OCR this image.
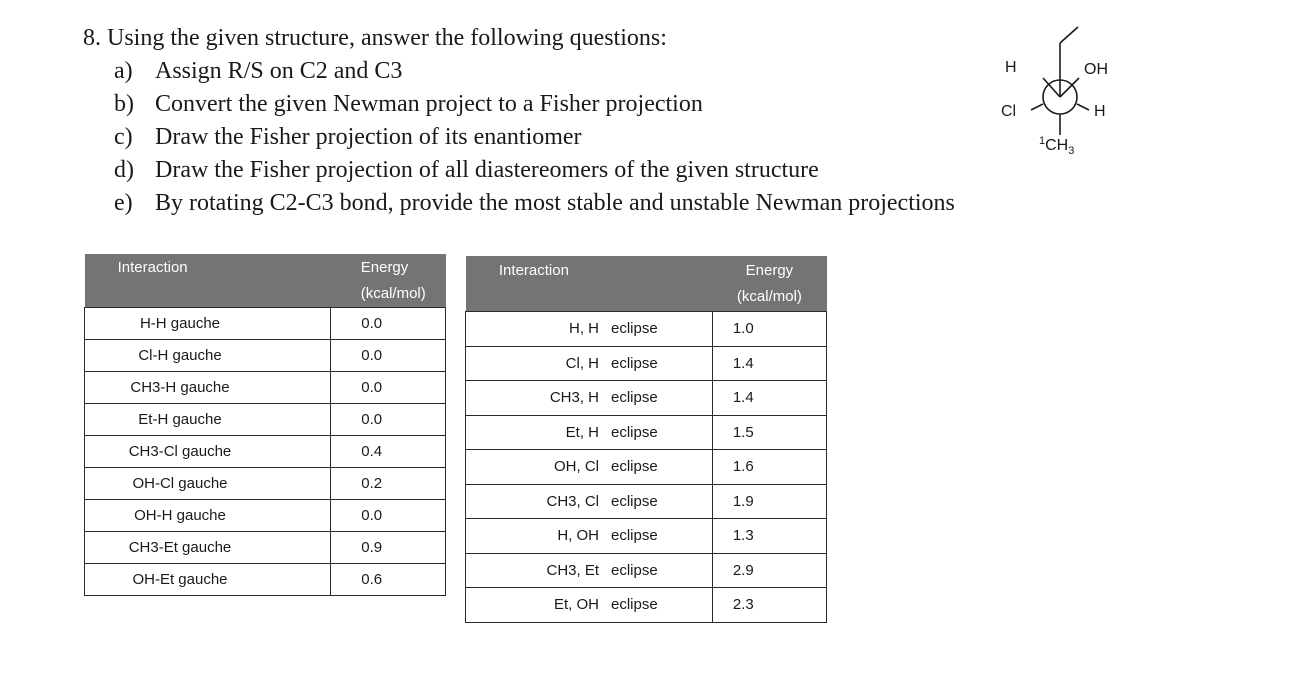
8. Using the given structure, answer the following questions:
a) Assign R/S on C2 and C3
b) Convert the given Newman project to a Fisher projection
c) Draw the Fisher projection of its enantiomer
d) Draw the Fisher projection of all diastereomers of the given structure
e) By rotating C2-C3 bond, provide the most stable and unstable Newman projections
H	OH
Cl	H
$^1CH_3$
Interaction	Energy
(kcal/mol)

H-H gauche	0.0
Cl-H gauche	0.0
CH3-H gauche	0.0
Et-H gauche	0.0
CH3-Cl gauche	0.4
OH-Cl gauche	0.2
OH-H gauche	0.0
CH3-Et gauche	0.9
OH-Et gauche	0.6
Interaction	Energy
(kcal/mol)

H, H eclipse	1.0
Cl, H eclipse	1.4
CH3, H eclipse	1.4
Et, H eclipse	1.5
OH, Cl eclipse	1.6
CH3, Cl eclipse	1.9
H, OH eclipse	1.3
CH3, Et eclipse	2.9
Et, OH eclipse	2.3
